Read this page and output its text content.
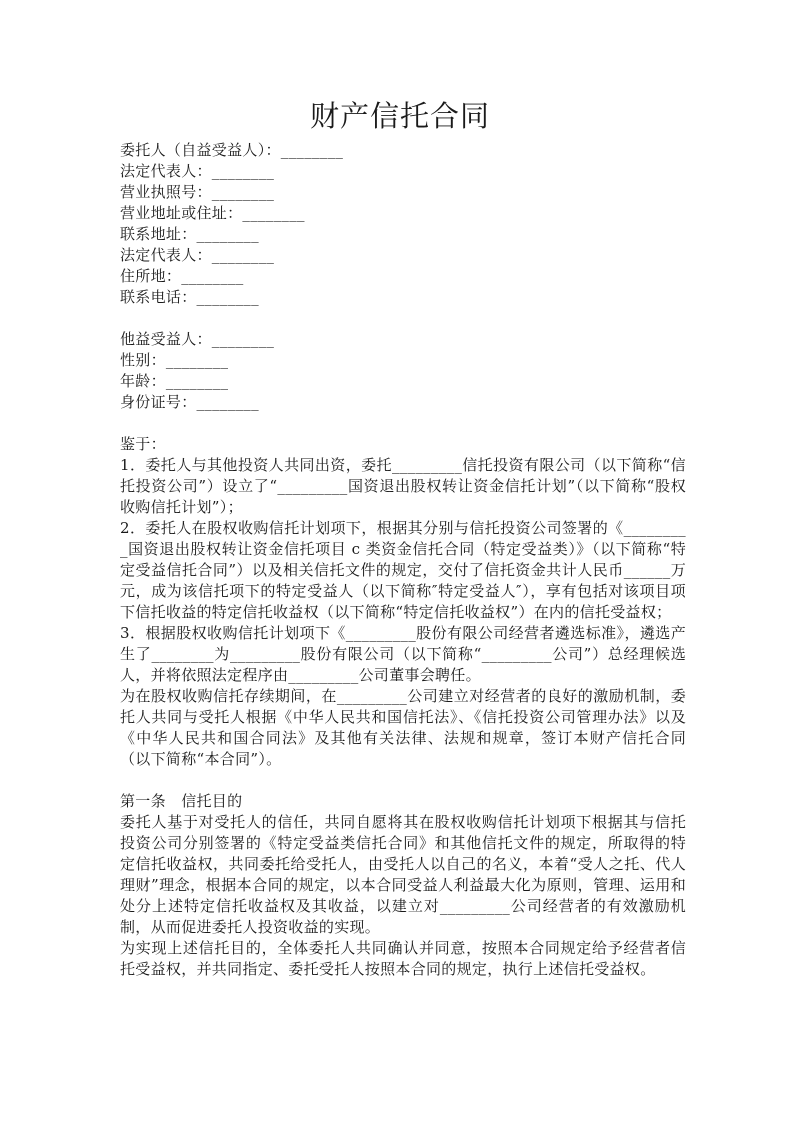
财产信托合同
委托人（自益受益人）：________
法定代表人：________
营业执照号：________
营业地址或住址：________
联系地址：________
法定代表人：________
住所地：________
联系电话：________
他益受益人：________
性别：________
年龄：________
身份证号：________
鉴于：
1．委托人与其他投资人共同出资，委托_________信托投资有限公司（以下简称“信托投资公司”）设立了“_________国资退出股权转让资金信托计划”（以下简称“股权收购信托计划”）；
2．委托人在股权收购信托计划项下，根据其分别与信托投资公司签署的《_________国资退出股权转让资金信托项目 c 类资金信托合同（特定受益类）》（以下简称“特定受益信托合同”）以及相关信托文件的规定，交付了信托资金共计人民币______万元，成为该信托项下的特定受益人（以下简称″特定受益人″），享有包括对该项目项下信托收益的特定信托收益权（以下简称“特定信托收益权”）在内的信托受益权；
3．根据股权收购信托计划项下《_________股份有限公司经营者遴选标准》，遴选产生了________为_________股份有限公司（以下简称“_________公司”）总经理候选人，并将依照法定程序由_________公司董事会聘任。
为在股权收购信托存续期间，在_________公司建立对经营者的良好的激励机制，委托人共同与受托人根据《中华人民共和国信托法》、《信托投资公司管理办法》以及《中华人民共和国合同法》及其他有关法律、法规和规章，签订本财产信托合同（以下简称“本合同”）。
第一条　信托目的
委托人基于对受托人的信任，共同自愿将其在股权收购信托计划项下根据其与信托投资公司分别签署的《特定受益类信托合同》和其他信托文件的规定，所取得的特定信托收益权，共同委托给受托人，由受托人以自己的名义，本着“受人之托、代人理财”理念，根据本合同的规定，以本合同受益人利益最大化为原则，管理、运用和处分上述特定信托收益权及其收益，以建立对_________公司经营者的有效激励机制，从而促进委托人投资收益的实现。
为实现上述信托目的，全体委托人共同确认并同意，按照本合同规定给予经营者信托受益权，并共同指定、委托受托人按照本合同的规定，执行上述信托受益权。
